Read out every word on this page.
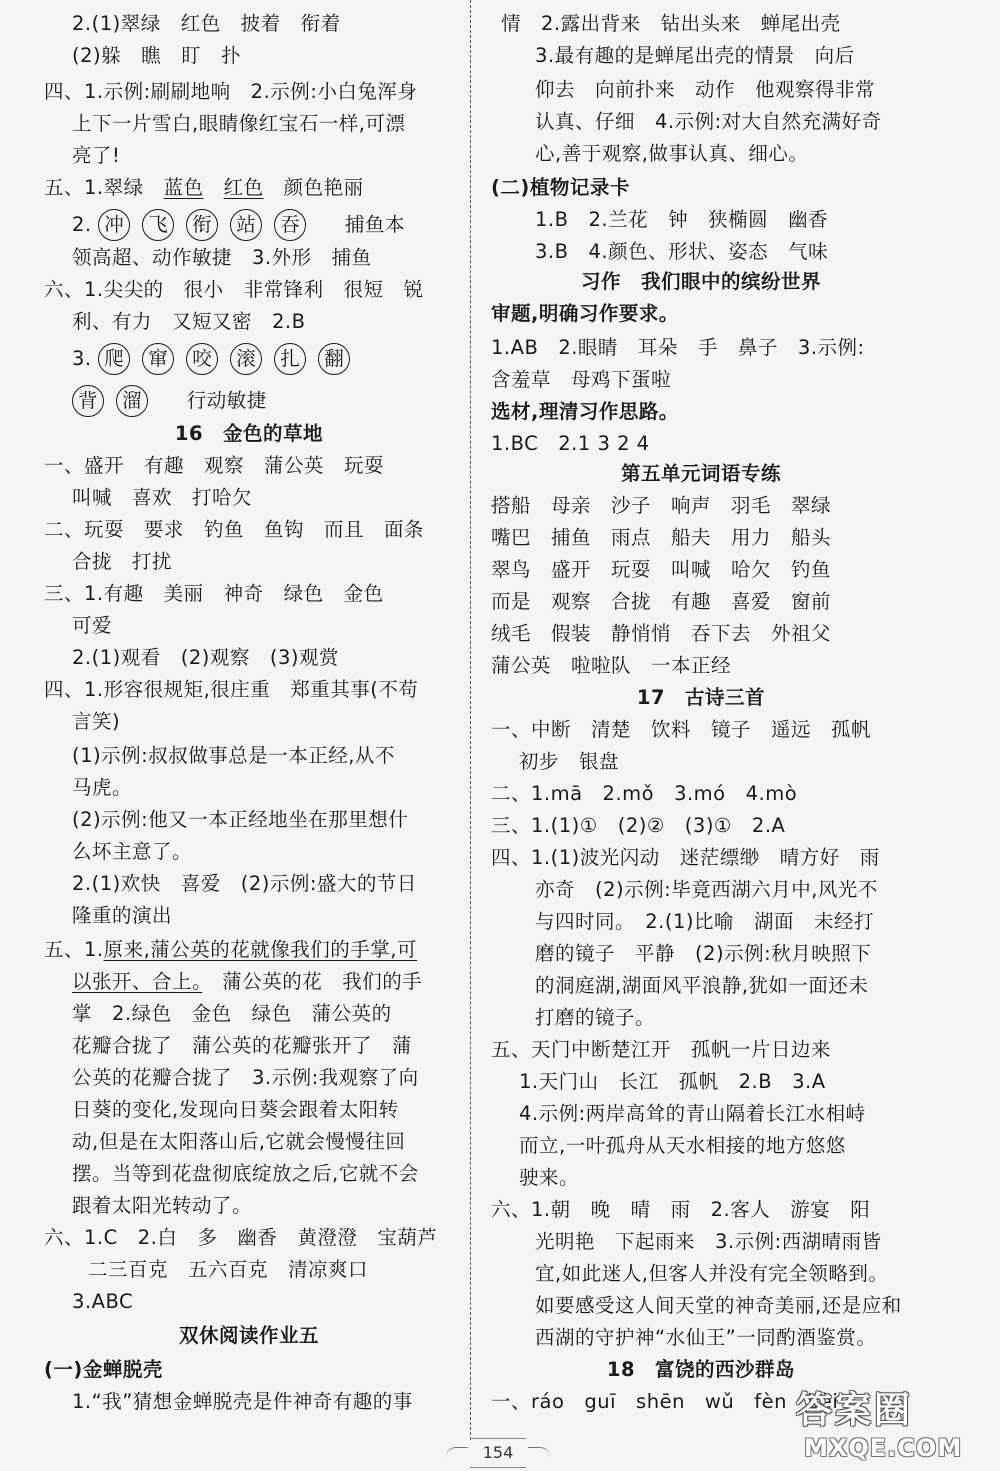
2.(1)翠绿　红色　披着　衔着
(2)躲　瞧　盯　扑
四、1.示例:刷刷地响　2.示例:小白兔浑身
上下一片雪白,眼睛像红宝石一样,可漂
亮了!
五、1.翠绿　蓝色　 红色　颜色艳丽
2. 冲 飞 衔 站 吞 　捕鱼本
领高超、动作敏捷　3.外形　捕鱼
六、1.尖尖的　很小　非常锋利　很短　锐
利、有力　又短又密　2.B
3. 爬 窜 咬 滚 扎 翻
背 溜 　行动敏捷
16　金色的草地
一、盛开　有趣　观察　蒲公英　玩耍
叫喊　喜欢　打哈欠
二、玩耍　要求　钓鱼　鱼钩　而且　面条
合拢　打扰
三、1.有趣　美丽　神奇　绿色　金色
可爱
2.(1)观看　(2)观察　(3)观赏
四、1.形容很规矩,很庄重　郑重其事(不苟
言笑)
(1)示例:叔叔做事总是一本正经,从不
马虎。
(2)示例:他又一本正经地坐在那里想什
么坏主意了。
2.(1)欢快　喜爱　(2)示例:盛大的节日
隆重的演出
五、1.原来,蒲公英的花就像我们的手掌,可
以张开、合上。　蒲公英的花　我们的手
掌　2.绿色　金色　绿色　蒲公英的
花瓣合拢了　蒲公英的花瓣张开了　蒲
公英的花瓣合拢了　3.示例:我观察了向
日葵的变化,发现向日葵会跟着太阳转
动,但是在太阳落山后,它就会慢慢往回
摆。当等到花盘彻底绽放之后,它就不会
跟着太阳光转动了。
六、1.C　2.白　多　幽香　黄澄澄　宝葫芦
二三百克　五六百克　清凉爽口
3.ABC
双休阅读作业五
(一)金蝉脱壳
1.“我”猜想金蝉脱壳是件神奇有趣的事
情　2.露出背来　钻出头来　蝉尾出壳
3.最有趣的是蝉尾出壳的情景　向后
仰去　向前扑来　动作　他观察得非常
认真、仔细　4.示例:对大自然充满好奇
心,善于观察,做事认真、细心。
(二)植物记录卡
1.B　2.兰花　钟　狭椭圆　幽香
3.B　4.颜色、形状、姿态　气味
习作　我们眼中的缤纷世界
审题,明确习作要求。
1.AB　2.眼睛　耳朵　手　鼻子　3.示例:
含羞草　母鸡下蛋啦
选材,理清习作思路。
1.BC　2.1 3 2 4
第五单元词语专练
搭船　母亲　沙子　响声　羽毛　翠绿
嘴巴　捕鱼　雨点　船夫　用力　船头
翠鸟　盛开　玩耍　叫喊　哈欠　钓鱼
而是　观察　合拢　有趣　喜爱　窗前
绒毛　假装　静悄悄　吞下去　外祖父
蒲公英　啦啦队　一本正经
17　古诗三首
一、中断　清楚　饮料　镜子　遥远　孤帆
初步　银盘
二、1.mā　2.mǒ　3.mó　4.mò
三、1.(1)①　(2)②　(3)①　2.A
四、1.(1)波光闪动　迷茫缥缈　晴方好　雨
亦奇　(2)示例:毕竟西湖六月中,风光不
与四时同。　2.(1)比喻　湖面　未经打
磨的镜子　平静　(2)示例:秋月映照下
的洞庭湖,湖面风平浪静,犹如一面还未
打磨的镜子。
五、天门中断楚江开　孤帆一片日边来
1.天门山　长江　孤帆　2.B　3.A
4.示例:两岸高耸的青山隔着长江水相峙
而立,一叶孤舟从天水相接的地方悠悠
驶来。
六、1.朝　晚　晴　雨　2.客人　游宴　阳
光明艳　下起雨来　3.示例:西湖晴雨皆
宜,如此迷人,但客人并没有完全领略到。
如要感受这人间天堂的神奇美丽,还是应和
西湖的守护神“水仙王”一同酌酒鉴赏。
18　富饶的西沙群岛
一、ráo　guī　shēn　wǔ　fèn　bèi
154
答案圈
MXQE.COM
